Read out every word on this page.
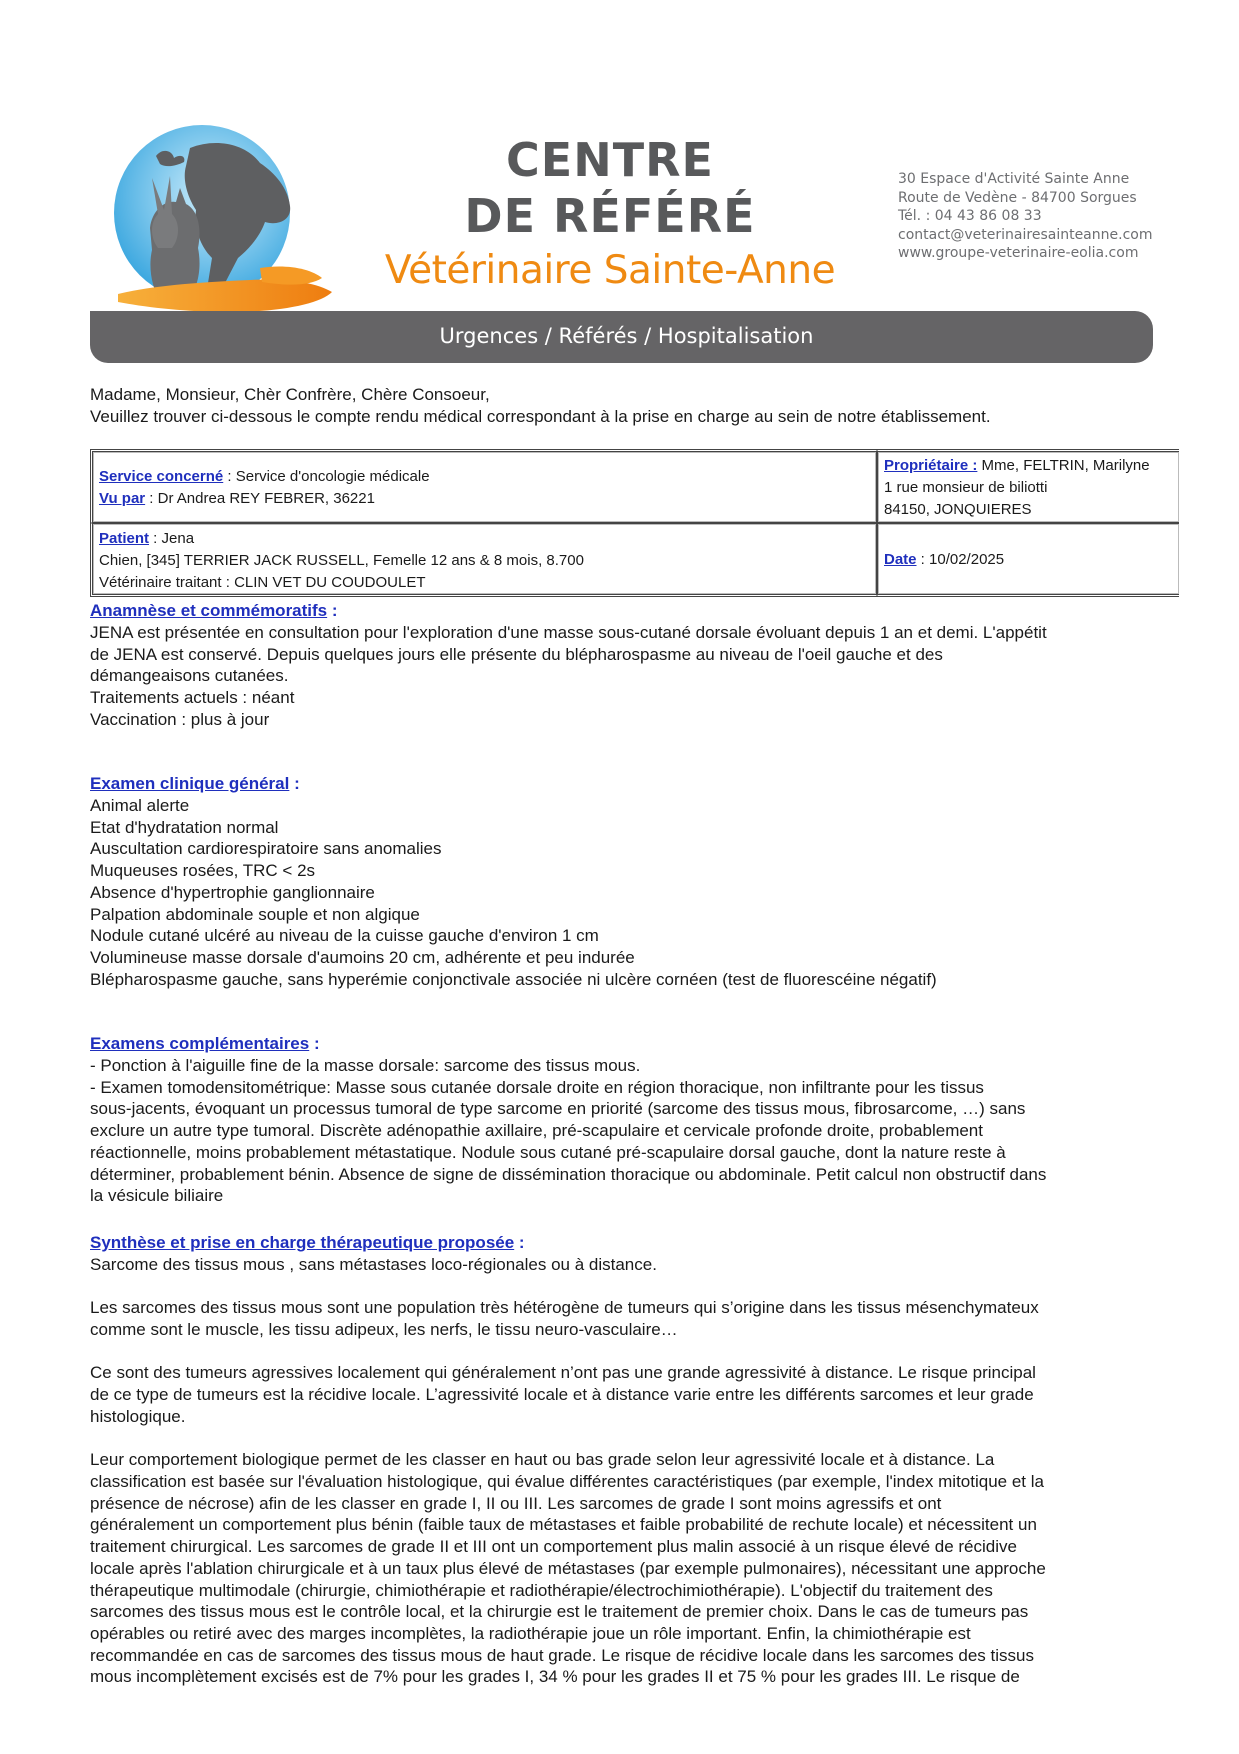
CENTRE
DE RÉFÉRÉ
Vétérinaire Sainte-Anne
30 Espace d'Activité Sainte Anne
Route de Vedène - 84700 Sorgues
Tél. : 04 43 86 08 33
contact@veterinairesainteanne.com
www.groupe-veterinaire-eolia.com
Urgences / Référés / Hospitalisation
Madame, Monsieur, Chèr Confrère, Chère Consoeur,
Veuillez trouver ci-dessous le compte rendu médical correspondant à la prise en charge au sein de notre établissement.
Service concerné : Service d'oncologie médicale
Vu par : Dr Andrea REY FEBRER, 36221
Propriétaire : Mme, FELTRIN, Marilyne
1 rue monsieur de biliotti
84150, JONQUIERES
Patient : Jena
Chien, [345] TERRIER JACK RUSSELL, Femelle 12 ans & 8 mois, 8.700
Vétérinaire traitant : CLIN VET DU COUDOULET
Date : 10/02/2025
Anamnèse et commémoratifs :
JENA est présentée en consultation pour l'exploration d'une masse sous-cutané dorsale évoluant depuis 1 an et demi. L'appétit
de JENA est conservé. Depuis quelques jours elle présente du blépharospasme au niveau de l'oeil gauche et des
démangeaisons cutanées.
Traitements actuels : néant
Vaccination : plus à jour
Examen clinique général :
Animal alerte
Etat d'hydratation normal
Auscultation cardiorespiratoire sans anomalies
Muqueuses rosées, TRC < 2s
Absence d'hypertrophie ganglionnaire
Palpation abdominale souple et non algique
Nodule cutané ulcéré au niveau de la cuisse gauche d'environ 1 cm
Volumineuse masse dorsale d'aumoins 20 cm, adhérente et peu indurée
Blépharospasme gauche, sans hyperémie conjonctivale associée ni ulcère cornéen (test de fluorescéine négatif)
Examens complémentaires :
- Ponction à l'aiguille fine de la masse dorsale: sarcome des tissus mous.
- Examen tomodensitométrique: Masse sous cutanée dorsale droite en région thoracique, non infiltrante pour les tissus
sous-jacents, évoquant un processus tumoral de type sarcome en priorité (sarcome des tissus mous, fibrosarcome, …) sans
exclure un autre type tumoral. Discrète adénopathie axillaire, pré-scapulaire et cervicale profonde droite, probablement
réactionnelle, moins probablement métastatique. Nodule sous cutané pré-scapulaire dorsal gauche, dont la nature reste à
déterminer, probablement bénin. Absence de signe de dissémination thoracique ou abdominale. Petit calcul non obstructif dans
la vésicule biliaire
Synthèse et prise en charge thérapeutique proposée :
Sarcome des tissus mous , sans métastases loco-régionales ou à distance.
Les sarcomes des tissus mous sont une population très hétérogène de tumeurs qui s’origine dans les tissus mésenchymateux
comme sont le muscle, les tissu adipeux, les nerfs, le tissu neuro-vasculaire…
Ce sont des tumeurs agressives localement qui généralement n’ont pas une grande agressivité à distance. Le risque principal
de ce type de tumeurs est la récidive locale. L’agressivité locale et à distance varie entre les différents sarcomes et leur grade
histologique.
Leur comportement biologique permet de les classer en haut ou bas grade selon leur agressivité locale et à distance. La
classification est basée sur l'évaluation histologique, qui évalue différentes caractéristiques (par exemple, l'index mitotique et la
présence de nécrose) afin de les classer en grade I, II ou III. Les sarcomes de grade I sont moins agressifs et ont
généralement un comportement plus bénin (faible taux de métastases et faible probabilité de rechute locale) et nécessitent un
traitement chirurgical. Les sarcomes de grade II et III ont un comportement plus malin associé à un risque élevé de récidive
locale après l'ablation chirurgicale et à un taux plus élevé de métastases (par exemple pulmonaires), nécessitant une approche
thérapeutique multimodale (chirurgie, chimiothérapie et radiothérapie/électrochimiothérapie). L'objectif du traitement des
sarcomes des tissus mous est le contrôle local, et la chirurgie est le traitement de premier choix. Dans le cas de tumeurs pas
opérables ou retiré avec des marges incomplètes, la radiothérapie joue un rôle important. Enfin, la chimiothérapie est
recommandée en cas de sarcomes des tissus mous de haut grade. Le risque de récidive locale dans les sarcomes des tissus
mous incomplètement excisés est de 7% pour les grades I, 34 % pour les grades II et 75 % pour les grades III. Le risque de
